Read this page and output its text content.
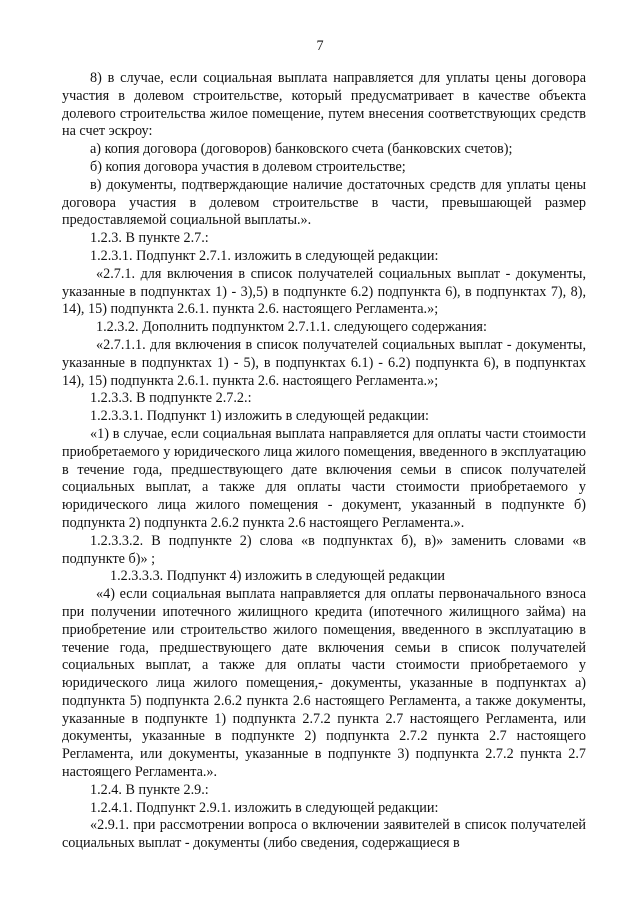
7

8) в случае, если социальная выплата направляется для уплаты цены договора участия в долевом строительстве, который предусматривает в качестве объекта долевого строительства жилое помещение, путем внесения соответствующих средств на счет эскроу:

а) копия договора (договоров) банковского счета (банковских счетов);

б) копия договора участия в долевом строительстве;

в) документы, подтверждающие наличие достаточных средств для уплаты цены договора участия в долевом строительстве в части, превышающей размер предоставляемой социальной выплаты.».

1.2.3. В пункте 2.7.:

1.2.3.1. Подпункт 2.7.1. изложить в следующей редакции:

«2.7.1. для включения в список получателей социальных выплат - документы, указанные в подпунктах 1) - 3),5) в подпункте 6.2) подпункта 6), в подпунктах 7), 8), 14), 15) подпункта 2.6.1. пункта 2.6. настоящего Регламента.»;

1.2.3.2. Дополнить подпунктом 2.7.1.1. следующего содержания:

«2.7.1.1. для включения в список получателей социальных выплат - документы, указанные в подпунктах 1) - 5), в подпунктах 6.1) - 6.2) подпункта 6), в подпунктах 14), 15) подпункта 2.6.1. пункта 2.6. настоящего Регламента.»;

1.2.3.3. В подпункте 2.7.2.:

1.2.3.3.1. Подпункт 1) изложить в следующей редакции:

«1) в случае, если социальная выплата направляется для оплаты части стоимости приобретаемого у юридического лица жилого помещения, введенного в эксплуатацию в течение года, предшествующего дате включения семьи в список получателей социальных выплат, а также для оплаты части стоимости приобретаемого у юридического лица жилого помещения - документ, указанный в подпункте б) подпункта 2) подпункта 2.6.2 пункта 2.6 настоящего Регламента.».

1.2.3.3.2. В подпункте 2) слова «в подпунктах б), в)» заменить словами «в подпункте б)» ;

1.2.3.3.3. Подпункт 4) изложить в следующей редакции

«4) если социальная выплата направляется для оплаты первоначального взноса при получении ипотечного жилищного кредита (ипотечного жилищного займа) на приобретение или строительство жилого помещения, введенного в эксплуатацию в течение года, предшествующего дате включения семьи в список получателей социальных выплат, а также для оплаты части стоимости приобретаемого у юридического лица жилого помещения,- документы, указанные в подпунктах а) подпункта 5) подпункта 2.6.2 пункта 2.6 настоящего Регламента, а также документы, указанные в подпункте 1) подпункта 2.7.2 пункта 2.7 настоящего Регламента, или документы, указанные в подпункте 2) подпункта 2.7.2 пункта 2.7 настоящего Регламента, или документы, указанные в подпункте 3) подпункта 2.7.2 пункта 2.7 настоящего Регламента.».

1.2.4. В пункте 2.9.:

1.2.4.1. Подпункт 2.9.1. изложить в следующей редакции:

«2.9.1. при рассмотрении вопроса о включении заявителей в список получателей социальных выплат - документы (либо сведения, содержащиеся в
